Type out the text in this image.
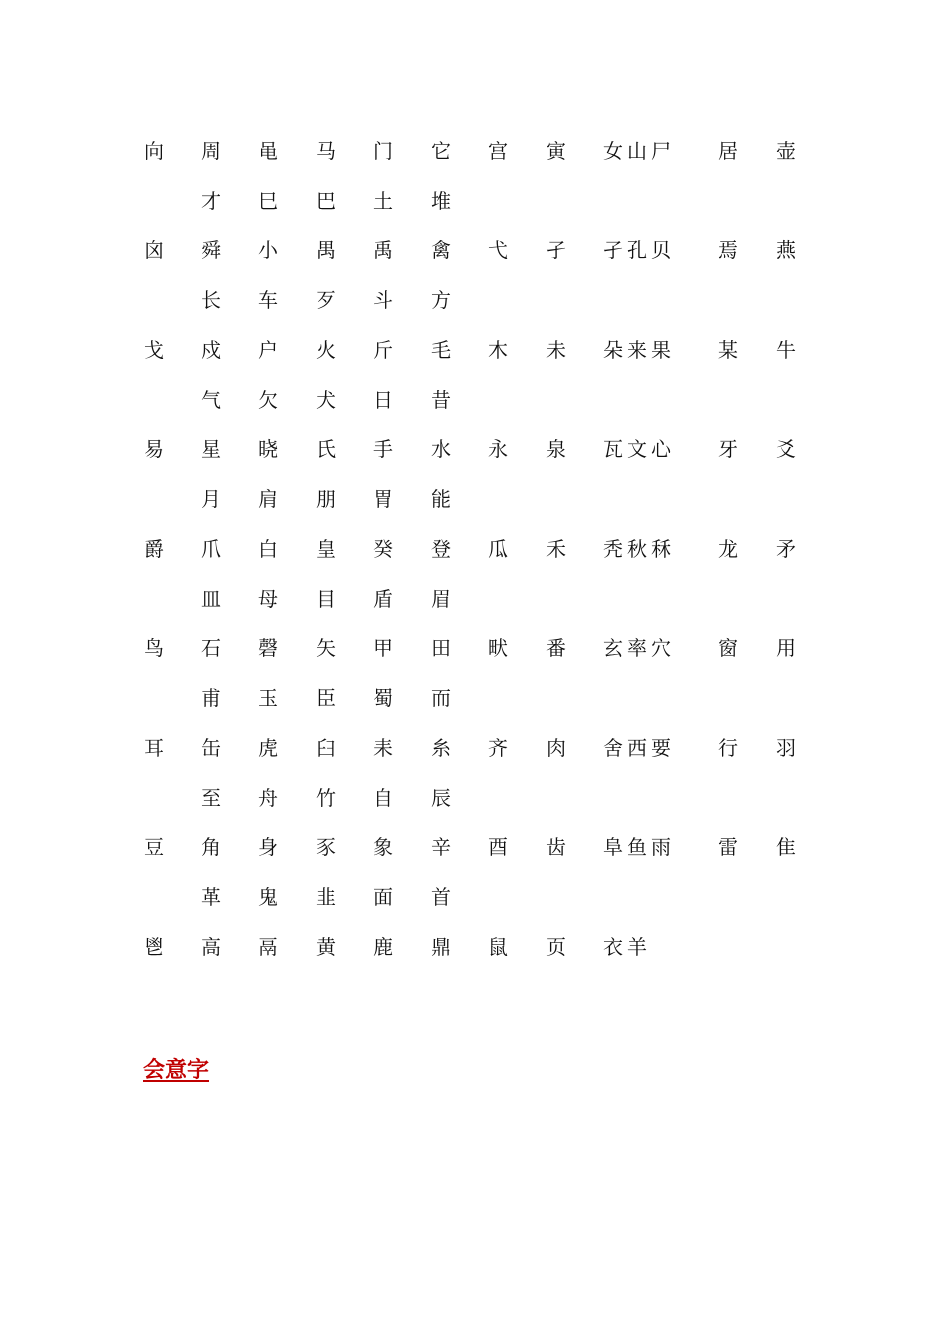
向 周 黾 马 门 它 宫 寅 女山尸 居 壶
才 巳 巴 土 堆
囟 舜 小 禺 禹 禽 弋 孑 孑孔贝 焉 燕
长 车 歹 斗 方
戈 戍 户 火 斤 毛 木 未 朵来果 某 牛
气 欠 犬 日 昔
易 星 晓 氏 手 水 永 泉 瓦文心 牙 爻
月 肩 朋 胃 能
爵 爪 白 皇 癸 登 瓜 禾 秃秋秝 龙 矛
皿 母 目 盾 眉
鸟 石 磬 矢 甲 田 畎 番 玄率穴 窗 用
甫 玉 臣 蜀 而
耳 缶 虎 臼 耒 糸 齐 肉 舍西要 行 羽
至 舟 竹 自 辰
豆 角 身 豕 象 辛 酉 齿 阜鱼雨 雷 隹
革 鬼 韭 面 首
鬯 高 鬲 黄 鹿 鼎 鼠 页 衣羊
会意字
